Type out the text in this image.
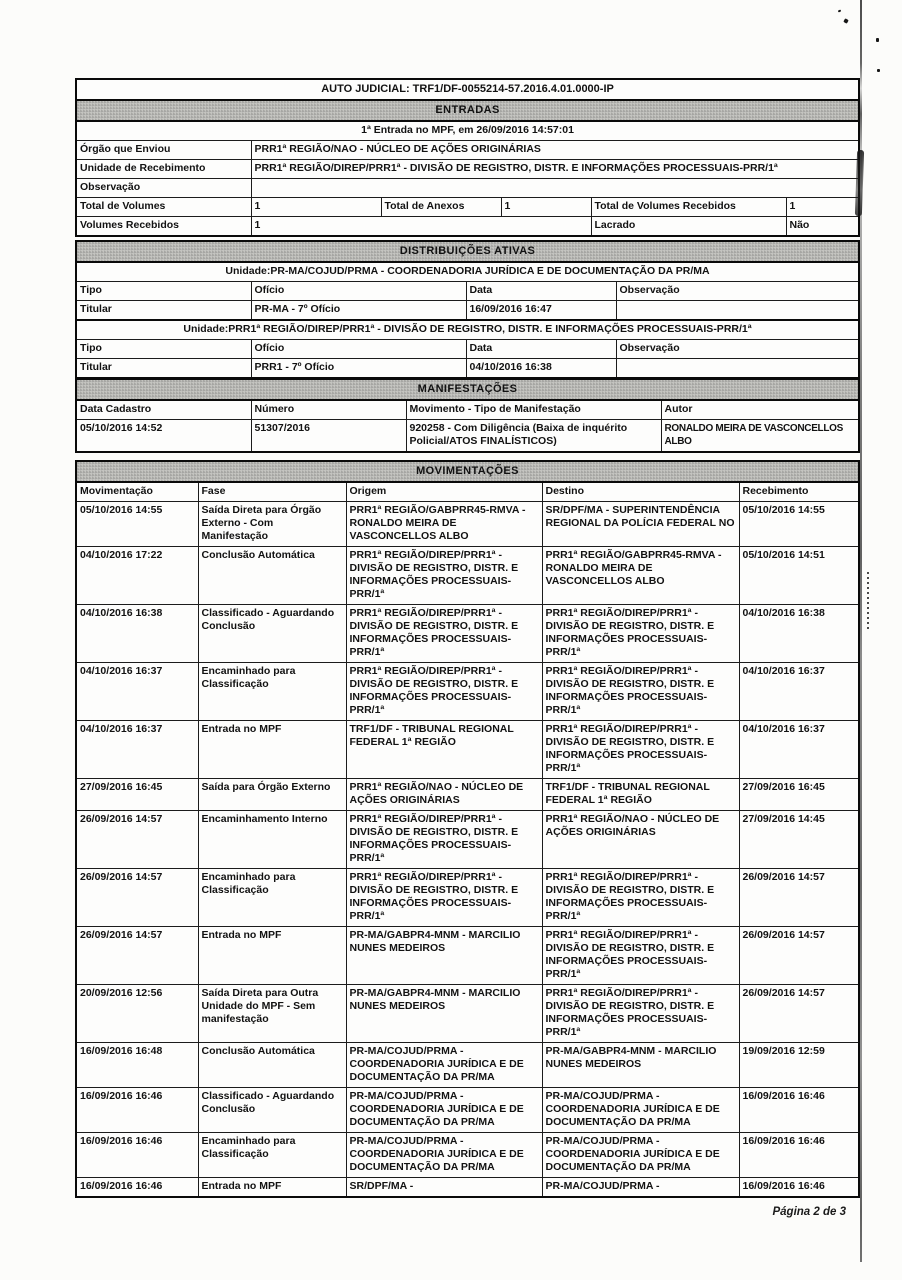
AUTO JUDICIAL: TRF1/DF-0055214-57.2016.4.01.0000-IP					
ENTRADAS					
1ª Entrada no MPF, em 26/09/2016 14:57:01					
Órgão que Enviou	PRR1ª REGIÃO/NAO - NÚCLEO DE AÇÕES ORIGINÁRIAS				
Unidade de Recebimento	PRR1ª REGIÃO/DIREP/PRR1ª - DIVISÃO DE REGISTRO, DISTR. E INFORMAÇÕES PROCESSUAIS-PRR/1ª				
Observação					
Total de Volumes	1	Total de Anexos	1	Total de Volumes Recebidos	1
Volumes Recebidos	1			Lacrado	Não
DISTRIBUIÇÕES ATIVAS			
Unidade:PR-MA/COJUD/PRMA - COORDENADORIA JURÍDICA E DE DOCUMENTAÇÃO DA PR/MA			
Tipo	Ofício	Data	Observação
Titular	PR-MA - 7º Ofício	16/09/2016 16:47	
Unidade:PRR1ª REGIÃO/DIREP/PRR1ª - DIVISÃO DE REGISTRO, DISTR. E INFORMAÇÕES PROCESSUAIS-PRR/1ª			
Tipo	Ofício	Data	Observação
Titular	PRR1 - 7º Ofício	04/10/2016 16:38	
MANIFESTAÇÕES			
Data Cadastro	Número	Movimento - Tipo de Manifestação	Autor
05/10/2016 14:52	51307/2016	920258 - Com Diligência (Baixa de inquérito Policial/ATOS FINALÍSTICOS)	RONALDO MEIRA DE VASCONCELLOS ALBO
MOVIMENTAÇÕES				
Movimentação	Fase	Origem	Destino	Recebimento
05/10/2016 14:55	Saída Direta para Órgão Externo - Com Manifestação	PRR1ª REGIÃO/GABPRR45-RMVA - RONALDO MEIRA DE VASCONCELLOS ALBO	SR/DPF/MA - SUPERINTENDÊNCIA REGIONAL DA POLÍCIA FEDERAL NO	05/10/2016 14:55
04/10/2016 17:22	Conclusão Automática	PRR1ª REGIÃO/DIREP/PRR1ª - DIVISÃO DE REGISTRO, DISTR. E INFORMAÇÕES PROCESSUAIS-PRR/1ª	PRR1ª REGIÃO/GABPRR45-RMVA - RONALDO MEIRA DE VASCONCELLOS ALBO	05/10/2016 14:51
04/10/2016 16:38	Classificado - Aguardando Conclusão	PRR1ª REGIÃO/DIREP/PRR1ª - DIVISÃO DE REGISTRO, DISTR. E INFORMAÇÕES PROCESSUAIS-PRR/1ª	PRR1ª REGIÃO/DIREP/PRR1ª - DIVISÃO DE REGISTRO, DISTR. E INFORMAÇÕES PROCESSUAIS-PRR/1ª	04/10/2016 16:38
04/10/2016 16:37	Encaminhado para Classificação	PRR1ª REGIÃO/DIREP/PRR1ª - DIVISÃO DE REGISTRO, DISTR. E INFORMAÇÕES PROCESSUAIS-PRR/1ª	PRR1ª REGIÃO/DIREP/PRR1ª - DIVISÃO DE REGISTRO, DISTR. E INFORMAÇÕES PROCESSUAIS-PRR/1ª	04/10/2016 16:37
04/10/2016 16:37	Entrada no MPF	TRF1/DF - TRIBUNAL REGIONAL FEDERAL 1ª REGIÃO	PRR1ª REGIÃO/DIREP/PRR1ª - DIVISÃO DE REGISTRO, DISTR. E INFORMAÇÕES PROCESSUAIS-PRR/1ª	04/10/2016 16:37
27/09/2016 16:45	Saída para Órgão Externo	PRR1ª REGIÃO/NAO - NÚCLEO DE AÇÕES ORIGINÁRIAS	TRF1/DF - TRIBUNAL REGIONAL FEDERAL 1ª REGIÃO	27/09/2016 16:45
26/09/2016 14:57	Encaminhamento Interno	PRR1ª REGIÃO/DIREP/PRR1ª - DIVISÃO DE REGISTRO, DISTR. E INFORMAÇÕES PROCESSUAIS-PRR/1ª	PRR1ª REGIÃO/NAO - NÚCLEO DE AÇÕES ORIGINÁRIAS	27/09/2016 14:45
26/09/2016 14:57	Encaminhado para Classificação	PRR1ª REGIÃO/DIREP/PRR1ª - DIVISÃO DE REGISTRO, DISTR. E INFORMAÇÕES PROCESSUAIS-PRR/1ª	PRR1ª REGIÃO/DIREP/PRR1ª - DIVISÃO DE REGISTRO, DISTR. E INFORMAÇÕES PROCESSUAIS-PRR/1ª	26/09/2016 14:57
26/09/2016 14:57	Entrada no MPF	PR-MA/GABPR4-MNM - MARCILIO NUNES MEDEIROS	PRR1ª REGIÃO/DIREP/PRR1ª - DIVISÃO DE REGISTRO, DISTR. E INFORMAÇÕES PROCESSUAIS-PRR/1ª	26/09/2016 14:57
20/09/2016 12:56	Saída Direta para Outra Unidade do MPF - Sem manifestação	PR-MA/GABPR4-MNM - MARCILIO NUNES MEDEIROS	PRR1ª REGIÃO/DIREP/PRR1ª - DIVISÃO DE REGISTRO, DISTR. E INFORMAÇÕES PROCESSUAIS-PRR/1ª	26/09/2016 14:57
16/09/2016 16:48	Conclusão Automática	PR-MA/COJUD/PRMA - COORDENADORIA JURÍDICA E DE DOCUMENTAÇÃO DA PR/MA	PR-MA/GABPR4-MNM - MARCILIO NUNES MEDEIROS	19/09/2016 12:59
16/09/2016 16:46	Classificado - Aguardando Conclusão	PR-MA/COJUD/PRMA - COORDENADORIA JURÍDICA E DE DOCUMENTAÇÃO DA PR/MA	PR-MA/COJUD/PRMA - COORDENADORIA JURÍDICA E DE DOCUMENTAÇÃO DA PR/MA	16/09/2016 16:46
16/09/2016 16:46	Encaminhado para Classificação	PR-MA/COJUD/PRMA - COORDENADORIA JURÍDICA E DE DOCUMENTAÇÃO DA PR/MA	PR-MA/COJUD/PRMA - COORDENADORIA JURÍDICA E DE DOCUMENTAÇÃO DA PR/MA	16/09/2016 16:46
16/09/2016 16:46	Entrada no MPF	SR/DPF/MA -	PR-MA/COJUD/PRMA -	16/09/2016 16:46
Página 2 de 3
